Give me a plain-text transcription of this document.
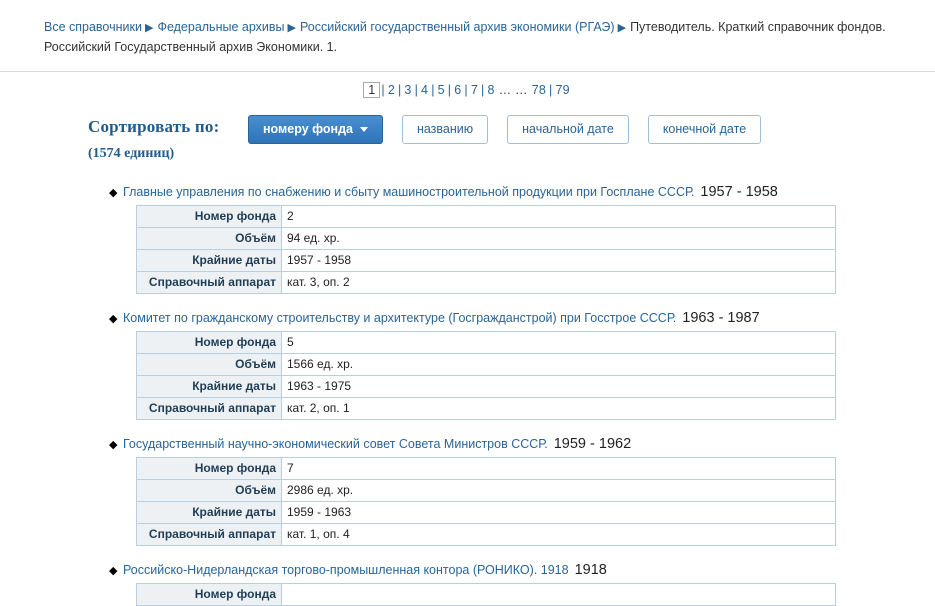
Все справочники ▶ Федеральные архивы ▶ Российский государственный архив экономики (РГАЭ) ▶ Путеводитель. Краткий справочник фондов. Российский Государственный архив Экономики. 1.
1 | 2 | 3 | 4 | 5 | 6 | 7 | 8 … … 78 | 79
Сортировать по:
(1574 единиц)
номеру фонда	названию	начальной дате	конечной дате
◆ Главные управления по снабжению и сбыту машиностроительной продукции при Госплане СССР. 1957 - 1958
Номер фонда	2
Объём	94 ед. хр.
Крайние даты	1957 - 1958
Справочный аппарат	кат. 3, оп. 2
◆ Комитет по гражданскому строительству и архитектуре (Госгражданстрой) при Госстрое СССР. 1963 - 1987
Номер фонда	5
Объём	1566 ед. хр.
Крайние даты	1963 - 1975
Справочный аппарат	кат. 2, оп. 1
◆ Государственный научно-экономический совет Совета Министров СССР. 1959 - 1962
Номер фонда	7
Объём	2986 ед. хр.
Крайние даты	1959 - 1963
Справочный аппарат	кат. 1, оп. 4
◆ Российско-Нидерландская торгово-промышленная контора (РОНИКО). 1918 1918
Номер фонда	
